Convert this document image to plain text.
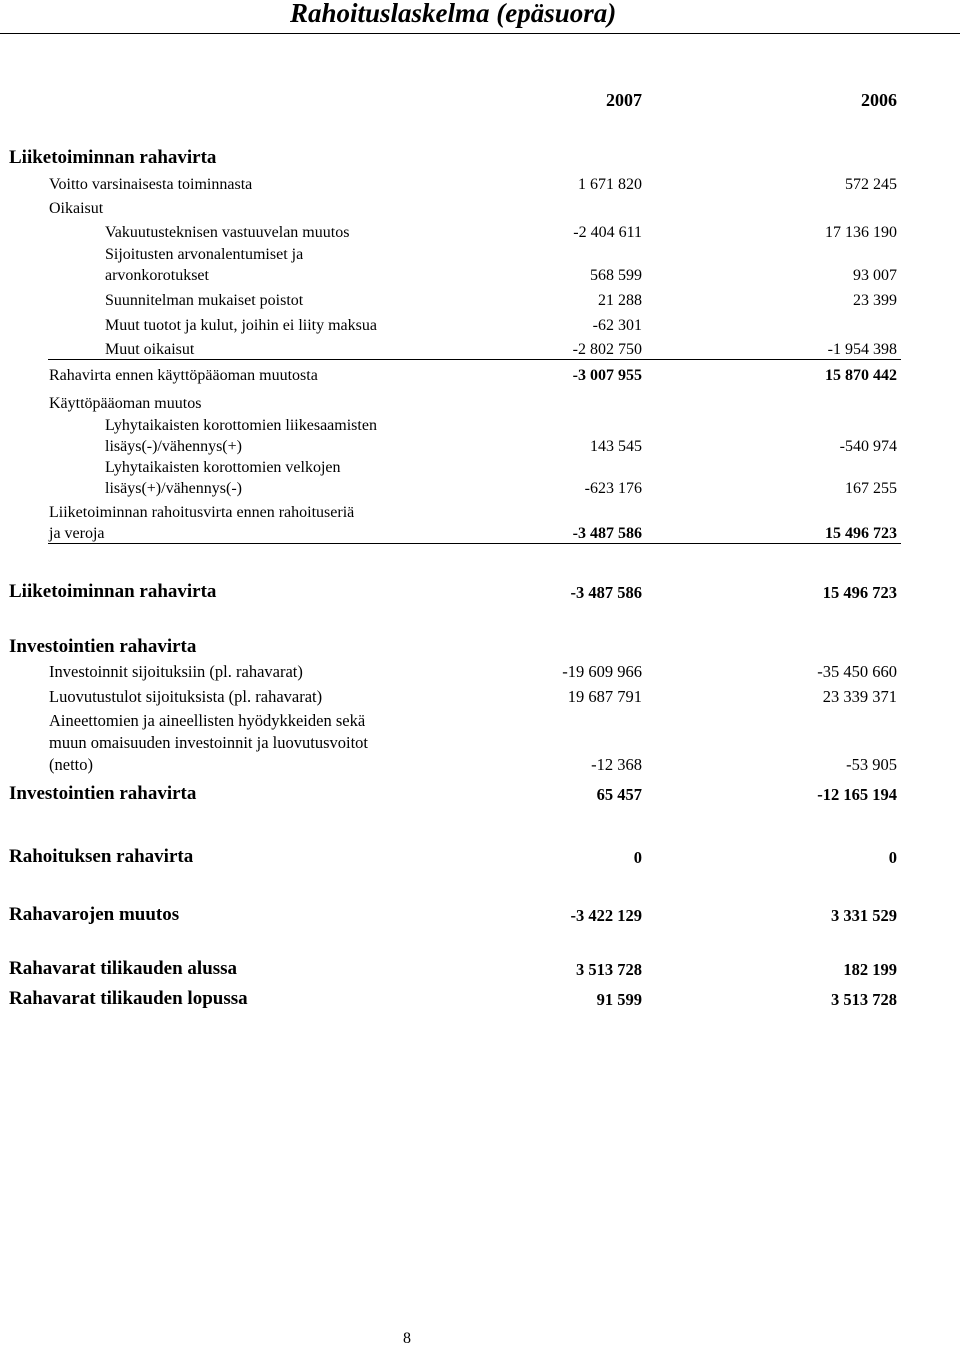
Rahoituslaskelma (epäsuora)
2007	2006
Liiketoiminnan rahavirta
Voitto varsinaisesta toiminnasta	1 671 820	572 245
Oikaisut
Vakuutusteknisen vastuuvelan muutos	-2 404 611	17 136 190
Sijoitusten arvonalentumiset ja
arvonkorotukset	568 599	93 007
Suunnitelman mukaiset poistot	21 288	23 399
Muut tuotot ja kulut, joihin ei liity maksua	-62 301
Muut oikaisut	-2 802 750	-1 954 398
Rahavirta ennen käyttöpääoman muutosta	-3 007 955	15 870 442
Käyttöpääoman muutos
Lyhytaikaisten korottomien liikesaamisten
lisäys(-)/vähennys(+)	143 545	-540 974
Lyhytaikaisten korottomien velkojen
lisäys(+)/vähennys(-)	-623 176	167 255
Liiketoiminnan rahoitusvirta ennen rahoituseriä
ja veroja	-3 487 586	15 496 723
Liiketoiminnan rahavirta	-3 487 586	15 496 723
Investointien rahavirta
Investoinnit sijoituksiin (pl. rahavarat)	-19 609 966	-35 450 660
Luovutustulot sijoituksista (pl. rahavarat)	19 687 791	23 339 371
Aineettomien ja aineellisten hyödykkeiden sekä
muun omaisuuden investoinnit ja luovutusvoitot
(netto)	-12 368	-53 905
Investointien rahavirta	65 457	-12 165 194
Rahoituksen rahavirta	0	0
Rahavarojen muutos	-3 422 129	3 331 529
Rahavarat tilikauden alussa	3 513 728	182 199
Rahavarat tilikauden lopussa	91 599	3 513 728
8
